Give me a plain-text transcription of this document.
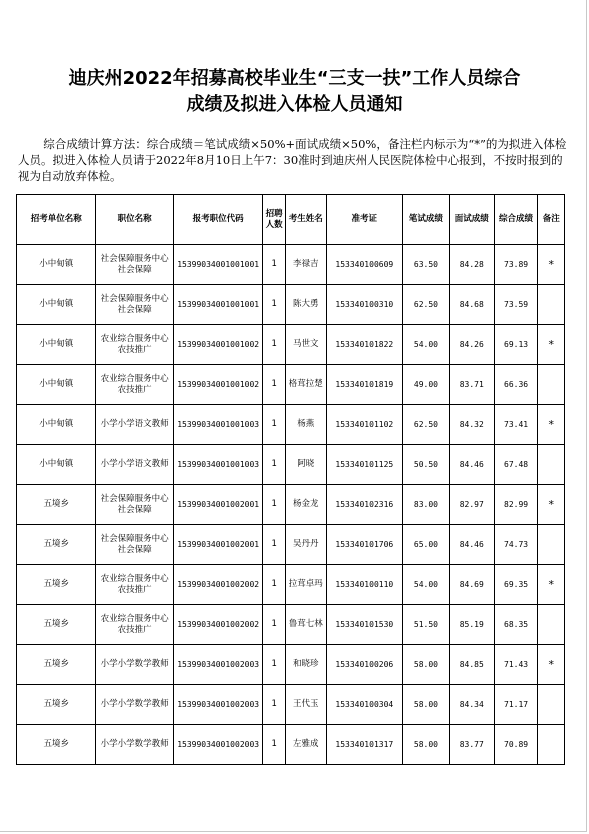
迪庆州2022年招募高校毕业生“三支一扶”工作人员综合
成绩及拟进入体检人员通知

综合成绩计算方法：综合成绩＝笔试成绩×50%+面试成绩×50%，备注栏内标示为“*”的为拟进入体检人员。拟进入体检人员请于2022年8月10日上午7：30准时到迪庆州人民医院体检中心报到，不按时报到的视为自动放弃体检。

招考单位名称	职位名称	报考职位代码	招聘人数	考生姓名	准考证	笔试成绩	面试成绩	综合成绩	备注
小中甸镇	社会保障服务中心社会保障	15399034001001001	1	李禄吉	153340100609	63.50	84.28	73.89	*
小中甸镇	社会保障服务中心社会保障	15399034001001001	1	陈大勇	153340100310	62.50	84.68	73.59	
小中甸镇	农业综合服务中心农技推广	15399034001001002	1	马世文	153340101822	54.00	84.26	69.13	*
小中甸镇	农业综合服务中心农技推广	15399034001001002	1	格茸拉楚	153340101819	49.00	83.71	66.36	
小中甸镇	小学小学语文教师	15399034001001003	1	杨燕	153340101102	62.50	84.32	73.41	*
小中甸镇	小学小学语文教师	15399034001001003	1	阿晓	153340101125	50.50	84.46	67.48	
五境乡	社会保障服务中心社会保障	15399034001002001	1	杨金龙	153340102316	83.00	82.97	82.99	*
五境乡	社会保障服务中心社会保障	15399034001002001	1	吴丹丹	153340101706	65.00	84.46	74.73	
五境乡	农业综合服务中心农技推广	15399034001002002	1	拉茸卓玛	153340100110	54.00	84.69	69.35	*
五境乡	农业综合服务中心农技推广	15399034001002002	1	鲁茸七林	153340101530	51.50	85.19	68.35	
五境乡	小学小学数学教师	15399034001002003	1	和晓珍	153340100206	58.00	84.85	71.43	*
五境乡	小学小学数学教师	15399034001002003	1	王代玉	153340100304	58.00	84.34	71.17	
五境乡	小学小学数学教师	15399034001002003	1	左雅成	153340101317	58.00	83.77	70.89	
